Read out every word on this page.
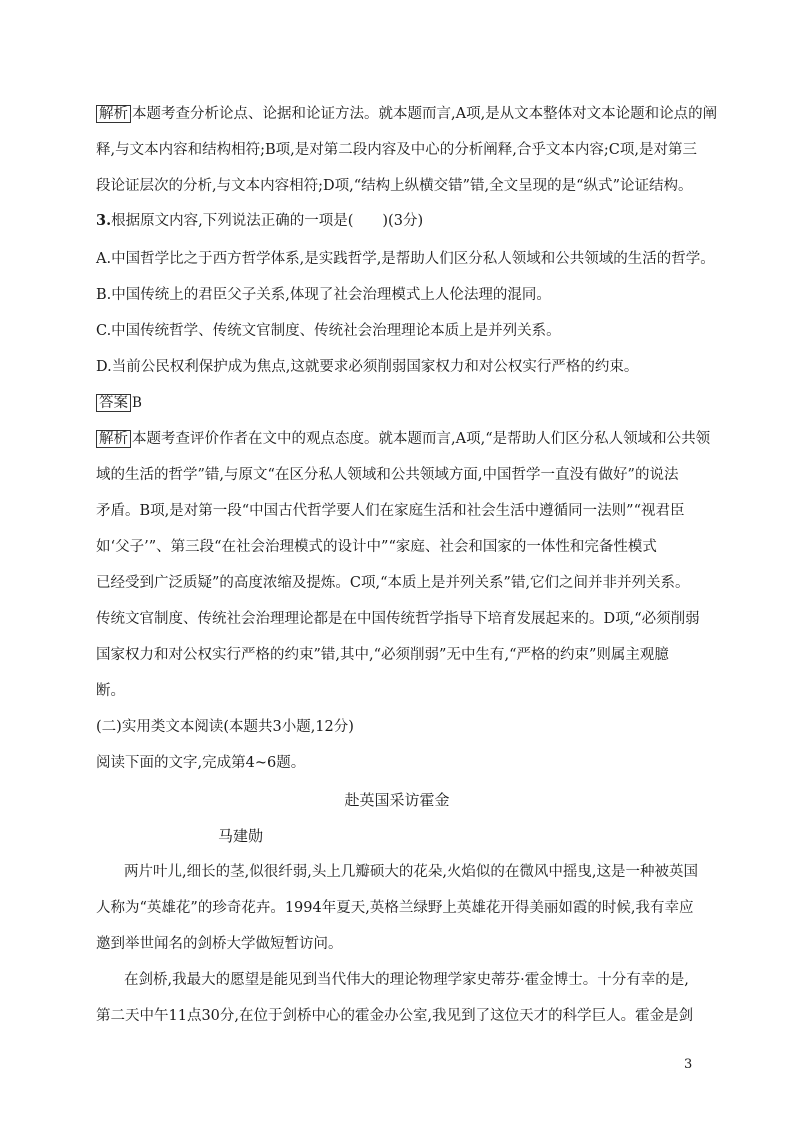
解析 本题考查分析论点、论据和论证方法。就本题而言,A项,是从文本整体对文本论题和论点的阐
释,与文本内容和结构相符;B项,是对第二段内容及中心的分析阐释,合乎文本内容;C项,是对第三
段论证层次的分析,与文本内容相符;D项,“结构上纵横交错”错,全文呈现的是“纵式”论证结构。
3.根据原文内容,下列说法正确的一项是(　　)(3分)
A.中国哲学比之于西方哲学体系,是实践哲学,是帮助人们区分私人领域和公共领域的生活的哲学。
B.中国传统上的君臣父子关系,体现了社会治理模式上人伦法理的混同。
C.中国传统哲学、传统文官制度、传统社会治理理论本质上是并列关系。
D.当前公民权利保护成为焦点,这就要求必须削弱国家权力和对公权实行严格的约束。
答案 B
解析 本题考查评价作者在文中的观点态度。就本题而言,A项,“是帮助人们区分私人领域和公共领
域的生活的哲学”错,与原文“在区分私人领域和公共领域方面,中国哲学一直没有做好”的说法
矛盾。B项,是对第一段“中国古代哲学要人们在家庭生活和社会生活中遵循同一法则”“视君臣
如‘父子’”、第三段“在社会治理模式的设计中”“家庭、社会和国家的一体性和完备性模式
已经受到广泛质疑”的高度浓缩及提炼。C项,“本质上是并列关系”错,它们之间并非并列关系。
传统文官制度、传统社会治理理论都是在中国传统哲学指导下培育发展起来的。D项,“必须削弱
国家权力和对公权实行严格的约束”错,其中,“必须削弱”无中生有,“严格的约束”则属主观臆
断。
(二)实用类文本阅读(本题共3小题,12分)
阅读下面的文字,完成第4~6题。
赴英国采访霍金
马建勋
两片叶儿,细长的茎,似很纤弱,头上几瓣硕大的花朵,火焰似的在微风中摇曳,这是一种被英国
人称为“英雄花”的珍奇花卉。1994年夏天,英格兰绿野上英雄花开得美丽如霞的时候,我有幸应
邀到举世闻名的剑桥大学做短暂访问。
在剑桥,我最大的愿望是能见到当代伟大的理论物理学家史蒂芬·霍金博士。十分有幸的是,
第二天中午11点30分,在位于剑桥中心的霍金办公室,我见到了这位天才的科学巨人。霍金是剑
3
